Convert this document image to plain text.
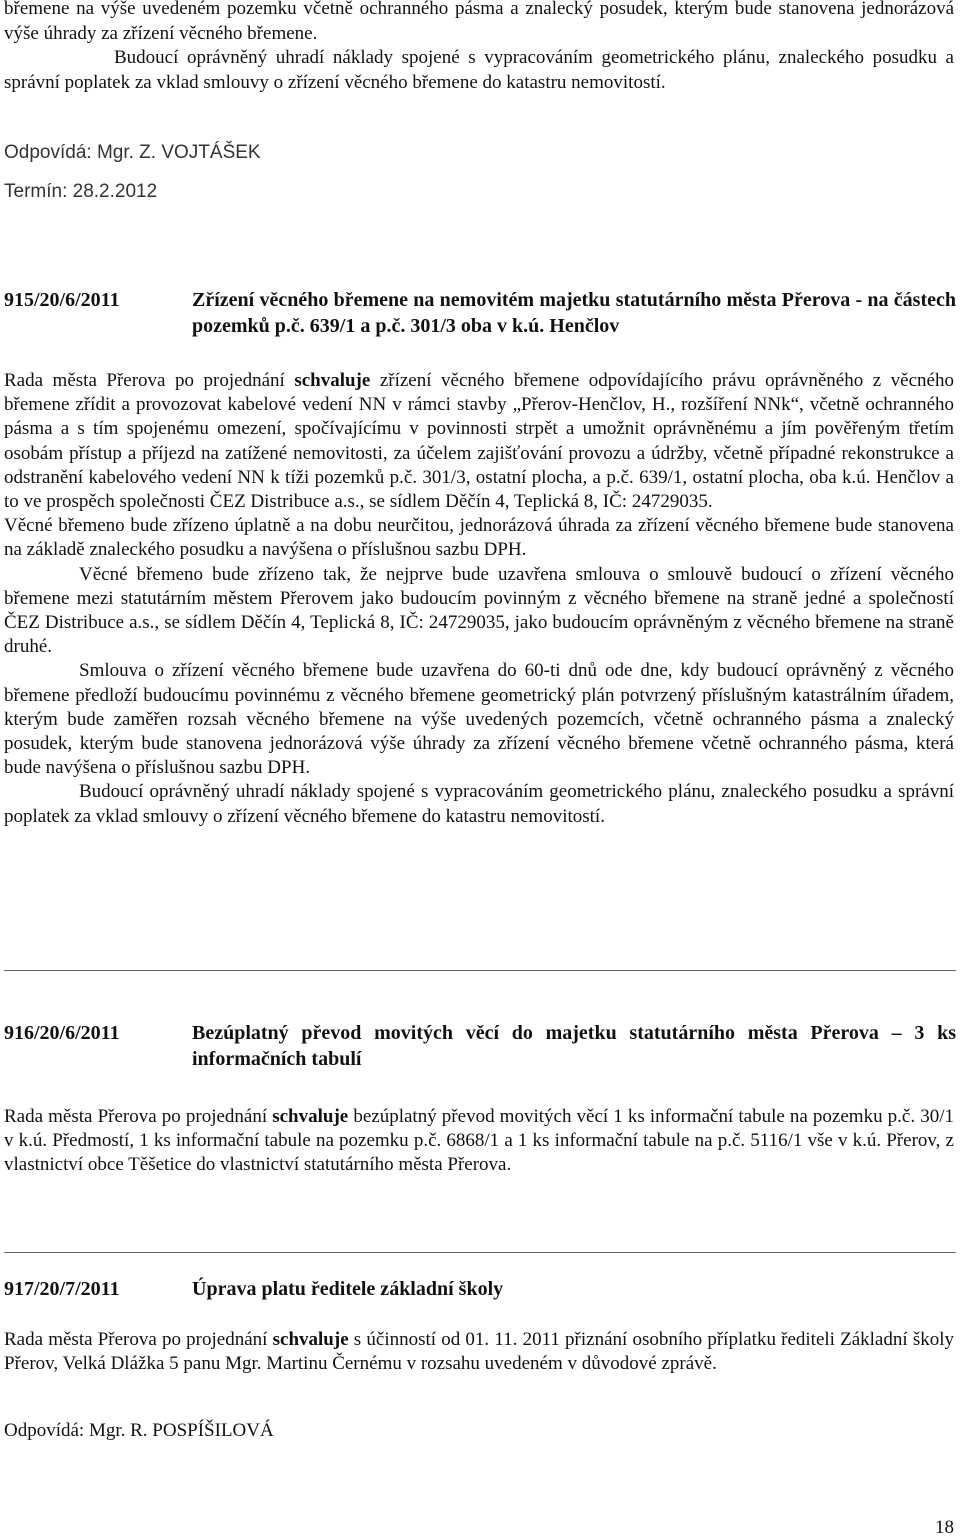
břemene na výše uvedeném pozemku včetně ochranného pásma a znalecký posudek, kterým bude stanovena jednorázová výše úhrady za zřízení věcného břemene.

Budoucí oprávněný uhradí náklady spojené s vypracováním geometrického plánu, znaleckého posudku a správní poplatek za vklad smlouvy o zřízení věcného břemene do katastru nemovitostí.

Odpovídá: Mgr. Z. VOJTÁŠEK
Termín: 28.2.2012
915/20/6/2011	Zřízení věcného břemene na nemovitém majetku statutárního města Přerova - na částech pozemků p.č. 639/1 a p.č. 301/3 oba v k.ú. Henčlov

Rada města Přerova po projednání schvaluje zřízení věcného břemene odpovídajícího právu oprávněného z věcného břemene zřídit a provozovat kabelové vedení NN v rámci stavby „Přerov-Henčlov, H., rozšíření NNk“, včetně ochranného pásma a s tím spojenému omezení, spočívajícímu v povinnosti strpět a umožnit oprávněnému a jím pověřeným třetím osobám přístup a příjezd na zatížené nemovitosti, za účelem zajišťování provozu a údržby, včetně případné rekonstrukce a odstranění kabelového vedení NN k tíži pozemků p.č. 301/3, ostatní plocha, a p.č. 639/1, ostatní plocha, oba k.ú. Henčlov a to ve prospěch společnosti ČEZ Distribuce a.s., se sídlem Děčín 4, Teplická 8, IČ: 24729035.

Věcné břemeno bude zřízeno úplatně a na dobu neurčitou, jednorázová úhrada za zřízení věcného břemene bude stanovena na základě znaleckého posudku a navýšena o příslušnou sazbu DPH.

Věcné břemeno bude zřízeno tak, že nejprve bude uzavřena smlouva o smlouvě budoucí o zřízení věcného břemene mezi statutárním městem Přerovem jako budoucím povinným z věcného břemene na straně jedné a společností ČEZ Distribuce a.s., se sídlem Děčín 4, Teplická 8, IČ: 24729035, jako budoucím oprávněným z věcného břemene na straně druhé.

Smlouva o zřízení věcného břemene bude uzavřena do 60-ti dnů ode dne, kdy budoucí oprávněný z věcného břemene předloží budoucímu povinnému z věcného břemene geometrický plán potvrzený příslušným katastrálním úřadem, kterým bude zaměřen rozsah věcného břemene na výše uvedených pozemcích, včetně ochranného pásma a znalecký posudek, kterým bude stanovena jednorázová výše úhrady za zřízení věcného břemene včetně ochranného pásma, která bude navýšena o příslušnou sazbu DPH.

Budoucí oprávněný uhradí náklady spojené s vypracováním geometrického plánu, znaleckého posudku a správní poplatek za vklad smlouvy o zřízení věcného břemene do katastru nemovitostí.

916/20/6/2011	Bezúplatný převod movitých věcí do majetku statutárního města Přerova – 3 ks informačních tabulí

Rada města Přerova po projednání schvaluje bezúplatný převod movitých věcí 1 ks informační tabule na pozemku p.č. 30/1 v k.ú. Předmostí, 1 ks informační tabule na pozemku p.č. 6868/1 a 1 ks informační tabule na p.č. 5116/1 vše v k.ú. Přerov, z vlastnictví obce Těšetice do vlastnictví statutárního města Přerova.

917/20/7/2011	Úprava platu ředitele základní školy

Rada města Přerova po projednání schvaluje s účinností od 01. 11. 2011 přiznání osobního příplatku řediteli Základní školy Přerov, Velká Dlážka 5 panu Mgr. Martinu Černému v rozsahu uvedeném v důvodové zprávě.

Odpovídá: Mgr. R. POSPÍŠILOVÁ
18
